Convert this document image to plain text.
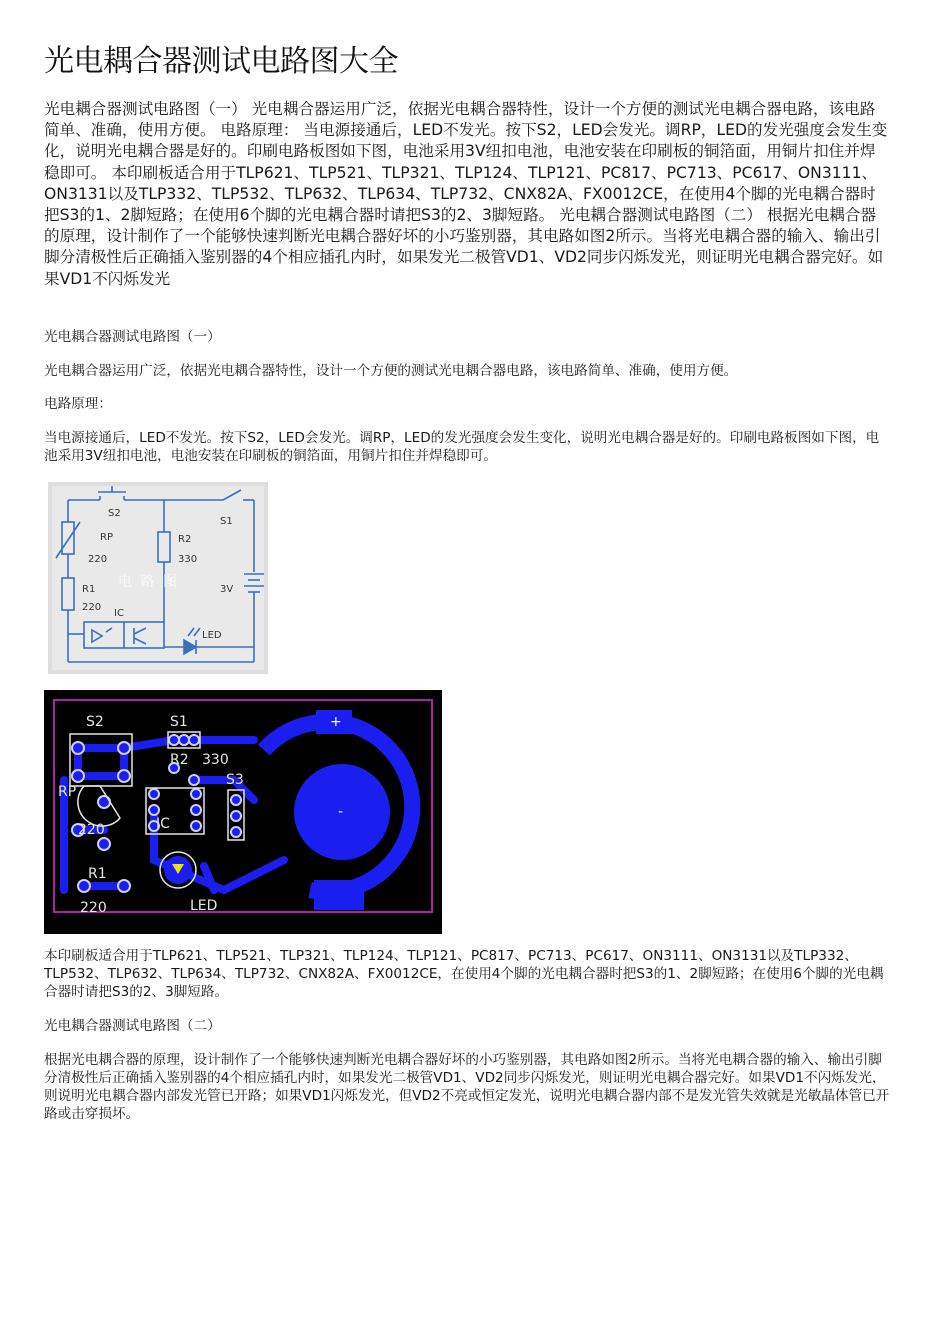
光电耦合器测试电路图大全

光电耦合器测试电路图（一） 光电耦合器运用广泛，依据光电耦合器特性，设计一个方便的测试光电耦合器电路，该电路简单、准确，使用方便。 电路原理： 当电源接通后，LED不发光。按下S2，LED会发光。调RP，LED的发光强度会发生变化，说明光电耦合器是好的。印刷电路板图如下图，电池采用3V纽扣电池，电池安装在印刷板的铜箔面，用铜片扣住并焊稳即可。 本印刷板适合用于TLP621、TLP521、TLP321、TLP124、TLP121、PC817、PC713、PC617、ON3111、ON3131以及TLP332、TLP532、TLP632、TLP634、TLP732、CNX82A、FX0012CE，在使用4个脚的光电耦合器时把S3的1、2脚短路；在使用6个脚的光电耦合器时请把S3的2、3脚短路。 光电耦合器测试电路图（二） 根据光电耦合器的原理，设计制作了一个能够快速判断光电耦合器好坏的小巧鉴别器，其电路如图2所示。当将光电耦合器的输入、输出引脚分清极性后正确插入鉴别器的4个相应插孔内时，如果发光二极管VD1、VD2同步闪烁发光，则证明光电耦合器完好。如果VD1不闪烁发光

光电耦合器测试电路图（一）

光电耦合器运用广泛，依据光电耦合器特性，设计一个方便的测试光电耦合器电路，该电路简单、准确，使用方便。

电路原理：

当电源接通后，LED不发光。按下S2，LED会发光。调RP，LED的发光强度会发生变化，说明光电耦合器是好的。印刷电路板图如下图，电池采用3V纽扣电池，电池安装在印刷板的铜箔面，用铜片扣住并焊稳即可。

S2
S1
RP
220
R2
330
R1
220
IC
3V
LED
电 路 图
S2	S1
R2 330
S3
RP
220	IC
R1
220	LED
+
-

本印刷板适合用于TLP621、TLP521、TLP321、TLP124、TLP121、PC817、PC713、PC617、ON3111、ON3131以及TLP332、TLP532、TLP632、TLP634、TLP732、CNX82A、FX0012CE，在使用4个脚的光电耦合器时把S3的1、2脚短路；在使用6个脚的光电耦合器时请把S3的2、3脚短路。

光电耦合器测试电路图（二）

根据光电耦合器的原理，设计制作了一个能够快速判断光电耦合器好坏的小巧鉴别器，其电路如图2所示。当将光电耦合器的输入、输出引脚分清极性后正确插入鉴别器的4个相应插孔内时，如果发光二极管VD1、VD2同步闪烁发光，则证明光电耦合器完好。如果VD1不闪烁发光，则说明光电耦合器内部发光管已开路；如果VD1闪烁发光，但VD2不亮或恒定发光，说明光电耦合器内部不是发光管失效就是光敏晶体管已开路或击穿损坏。
